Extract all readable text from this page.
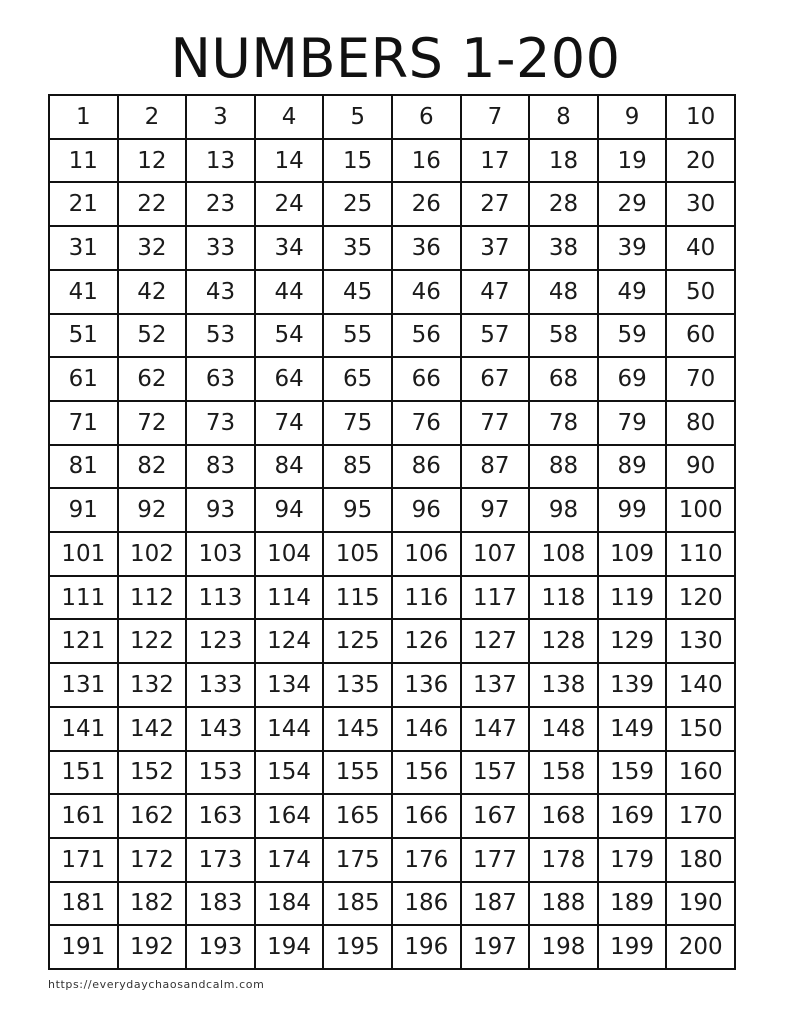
NUMBERS 1-200
1	2	3	4	5	6	7	8	9	10
11	12	13	14	15	16	17	18	19	20
21	22	23	24	25	26	27	28	29	30
31	32	33	34	35	36	37	38	39	40
41	42	43	44	45	46	47	48	49	50
51	52	53	54	55	56	57	58	59	60
61	62	63	64	65	66	67	68	69	70
71	72	73	74	75	76	77	78	79	80
81	82	83	84	85	86	87	88	89	90
91	92	93	94	95	96	97	98	99	100
101	102	103	104	105	106	107	108	109	110
111	112	113	114	115	116	117	118	119	120
121	122	123	124	125	126	127	128	129	130
131	132	133	134	135	136	137	138	139	140
141	142	143	144	145	146	147	148	149	150
151	152	153	154	155	156	157	158	159	160
161	162	163	164	165	166	167	168	169	170
171	172	173	174	175	176	177	178	179	180
181	182	183	184	185	186	187	188	189	190
191	192	193	194	195	196	197	198	199	200
https://everydaychaosandcalm.com
